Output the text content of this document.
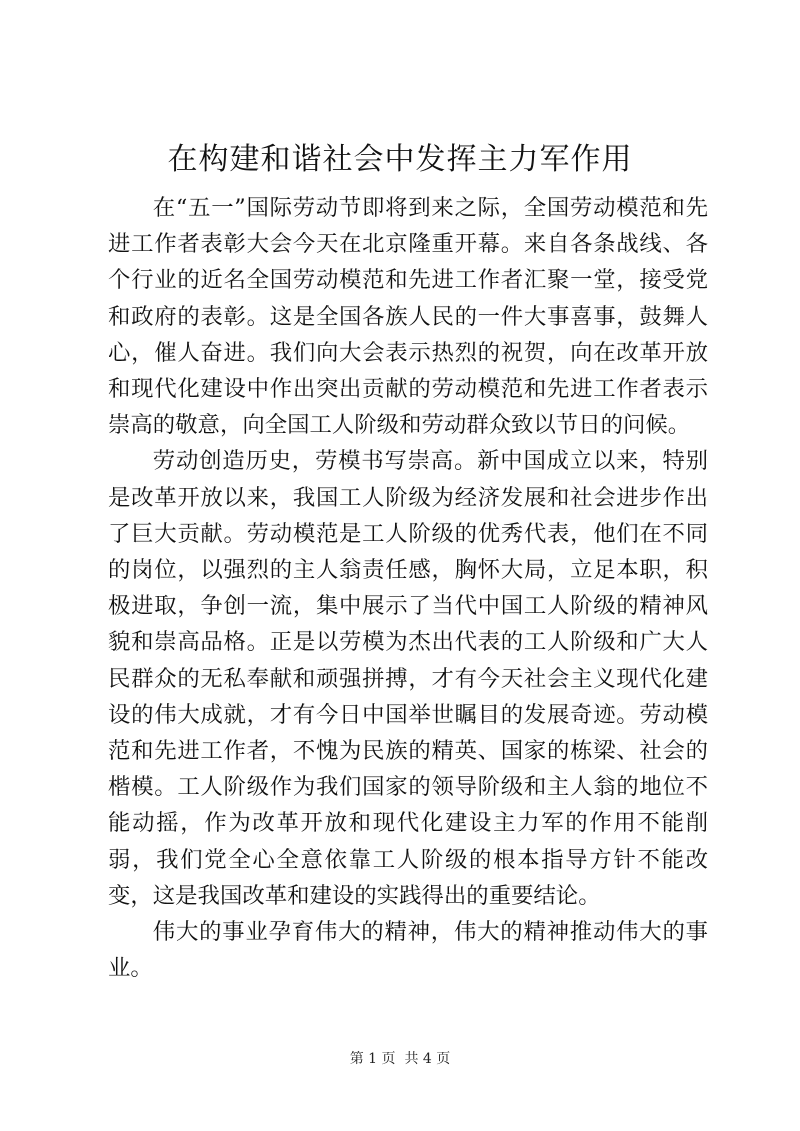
在构建和谐社会中发挥主力军作用

在“五一”国际劳动节即将到来之际，全国劳动模范和先进工作者表彰大会今天在北京隆重开幕。来自各条战线、各个行业的近名全国劳动模范和先进工作者汇聚一堂，接受党和政府的表彰。这是全国各族人民的一件大事喜事，鼓舞人心，催人奋进。我们向大会表示热烈的祝贺，向在改革开放和现代化建设中作出突出贡献的劳动模范和先进工作者表示崇高的敬意，向全国工人阶级和劳动群众致以节日的问候。

劳动创造历史，劳模书写崇高。新中国成立以来，特别是改革开放以来，我国工人阶级为经济发展和社会进步作出了巨大贡献。劳动模范是工人阶级的优秀代表，他们在不同的岗位，以强烈的主人翁责任感，胸怀大局，立足本职，积极进取，争创一流，集中展示了当代中国工人阶级的精神风貌和崇高品格。正是以劳模为杰出代表的工人阶级和广大人民群众的无私奉献和顽强拼搏，才有今天社会主义现代化建设的伟大成就，才有今日中国举世瞩目的发展奇迹。劳动模范和先进工作者，不愧为民族的精英、国家的栋梁、社会的楷模。工人阶级作为我们国家的领导阶级和主人翁的地位不能动摇，作为改革开放和现代化建设主力军的作用不能削弱，我们党全心全意依靠工人阶级的根本指导方针不能改变，这是我国改革和建设的实践得出的重要结论。

伟大的事业孕育伟大的精神，伟大的精神推动伟大的事业。

第 1 页 共 4 页
